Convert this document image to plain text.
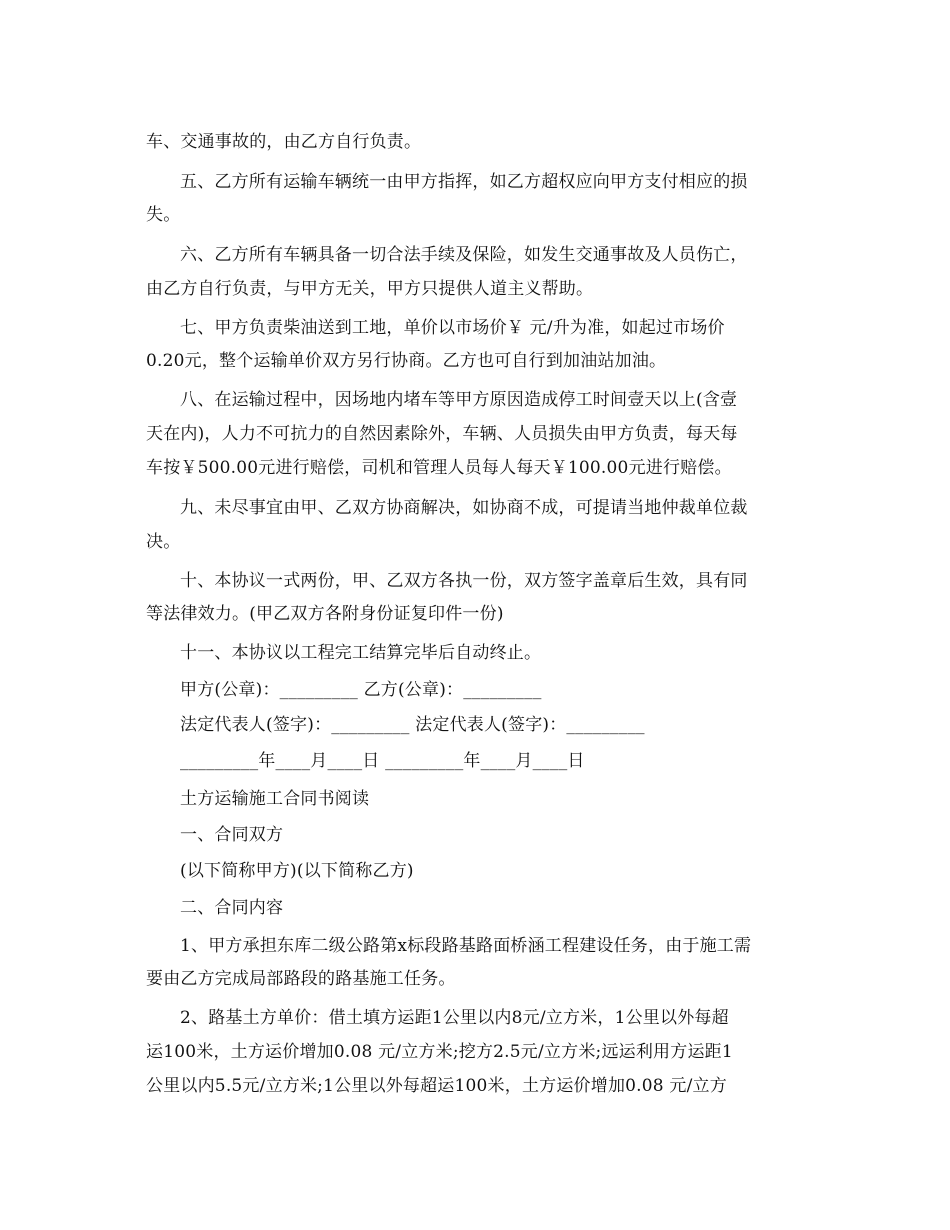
车、交通事故的，由乙方自行负责。
五、乙方所有运输车辆统一由甲方指挥，如乙方超权应向甲方支付相应的损
失。
六、乙方所有车辆具备一切合法手续及保险，如发生交通事故及人员伤亡，
由乙方自行负责，与甲方无关，甲方只提供人道主义帮助。
七、甲方负责柴油送到工地，单价以市场价￥ 元/升为准，如起过市场价
0.20元，整个运输单价双方另行协商。乙方也可自行到加油站加油。
八、在运输过程中，因场地内堵车等甲方原因造成停工时间壹天以上(含壹
天在内)，人力不可抗力的自然因素除外，车辆、人员损失由甲方负责，每天每
车按￥500.00元进行赔偿，司机和管理人员每人每天￥100.00元进行赔偿。
九、未尽事宜由甲、乙双方协商解决，如协商不成，可提请当地仲裁单位裁
决。
十、本协议一式两份，甲、乙双方各执一份，双方签字盖章后生效，具有同
等法律效力。(甲乙双方各附身份证复印件一份)
十一、本协议以工程完工结算完毕后自动终止。
甲方(公章)：_________ 乙方(公章)：_________
法定代表人(签字)：_________ 法定代表人(签字)：_________
_________年____月____日 _________年____月____日
土方运输施工合同书阅读
一、合同双方
(以下简称甲方)(以下简称乙方)
二、合同内容
1、甲方承担东库二级公路第x标段路基路面桥涵工程建设任务，由于施工需
要由乙方完成局部路段的路基施工任务。
2、路基土方单价：借土填方运距1公里以内8元/立方米，1公里以外每超
运100米，土方运价增加0.08 元/立方米;挖方2.5元/立方米;远运利用方运距1
公里以内5.5元/立方米;1公里以外每超运100米，土方运价增加0.08 元/立方
